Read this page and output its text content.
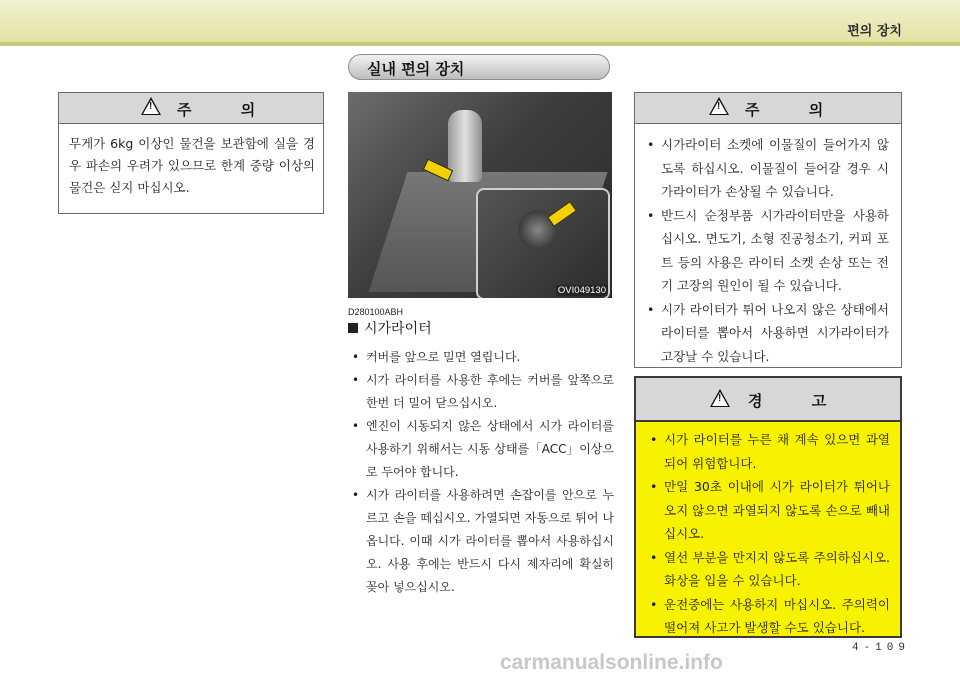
편의 장치
실내 편의 장치
! 주 의
무게가 6kg 이상인 물건을 보관함에 실을 경우 파손의 우려가 있으므로 한계 중량 이상의 물건은 싣지 마십시오.
OVI049130
D280100ABH
시가라이터
• 커버를 앞으로 밀면 열립니다.
• 시가 라이터를 사용한 후에는 커버를 앞쪽으로 한번 더 밀어 닫으십시오.
• 엔진이 시동되지 않은 상태에서 시가 라이터를 사용하기 위해서는 시동 상태를「ACC」이상으로 두어야 합니다.
• 시가 라이터를 사용하려면 손잡이를 안으로 누르고 손을 떼십시오. 가열되면 자동으로 튀어 나옵니다. 이때 시가 라이터를 뽑아서 사용하십시오. 사용 후에는 반드시 다시 제자리에 확실히 꽂아 넣으십시오.
! 주 의
• 시가라이터 소켓에 이물질이 들어가지 않도록 하십시오. 이물질이 들어갈 경우 시가라이터가 손상될 수 있습니다.
• 반드시 순정부품 시가라이터만을 사용하십시오. 면도기, 소형 진공청소기, 커피 포트 등의 사용은 라이터 소켓 손상 또는 전기 고장의 원인이 될 수 있습니다.
• 시가 라이터가 튀어 나오지 않은 상태에서 라이터를 뽑아서 사용하면 시가라이터가 고장날 수 있습니다.
! 경 고
• 시가 라이터를 누른 채 계속 있으면 과열되어 위험합니다.
• 만일 30초 이내에 시가 라이터가 튀어나오지 않으면 과열되지 않도록 손으로 빼내십시오.
• 열선 부분을 만지지 않도록 주의하십시오. 화상을 입을 수 있습니다.
• 운전중에는 사용하지 마십시오. 주의력이 떨어져 사고가 발생할 수도 있습니다.
4-109
carmanualsonline.info
